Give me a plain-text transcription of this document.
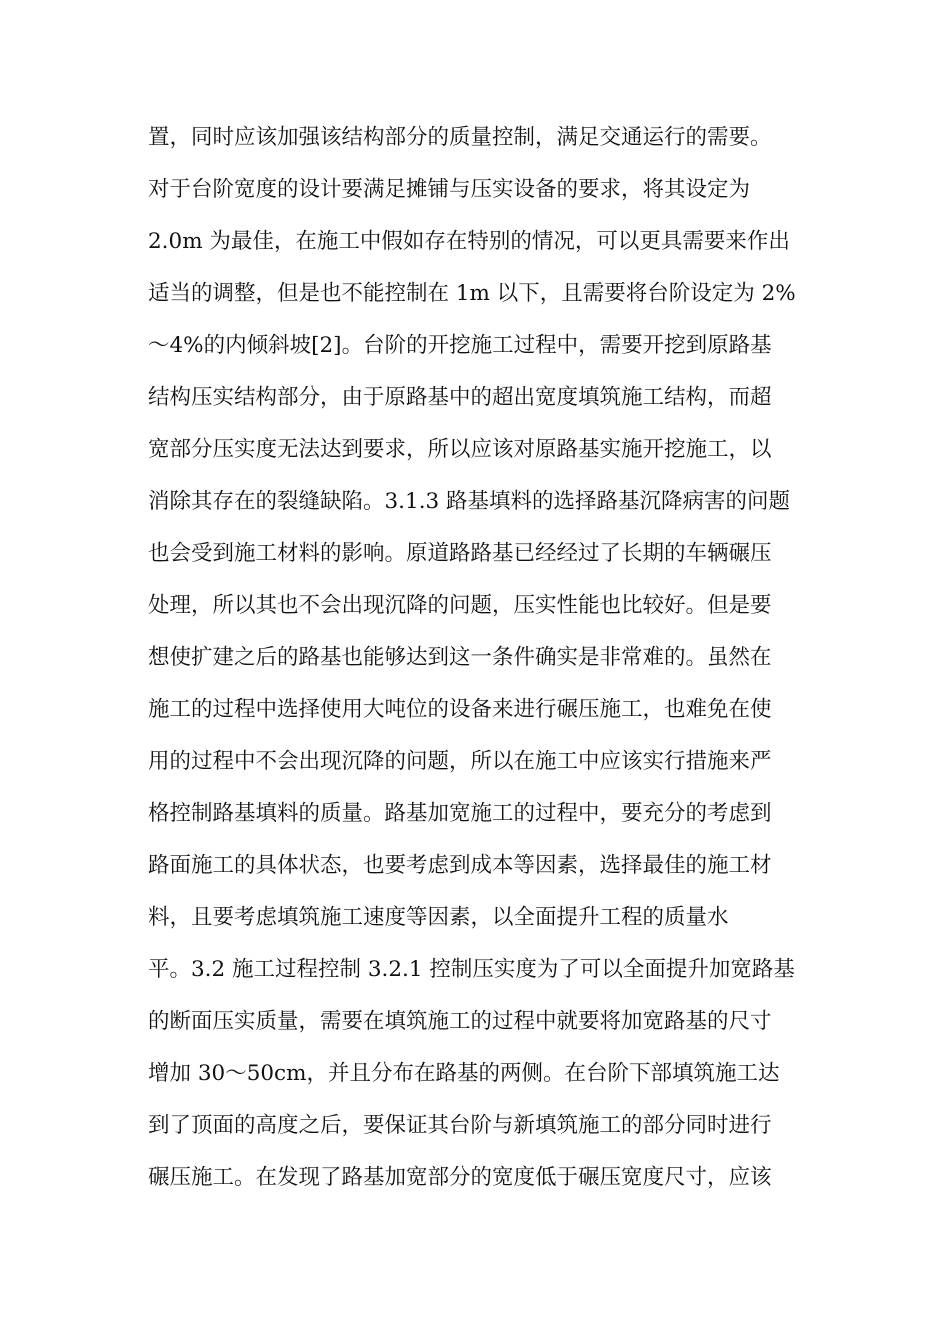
置，同时应该加强该结构部分的质量控制，满足交通运行的需要。
对于台阶宽度的设计要满足摊铺与压实设备的要求，将其设定为
2.0m 为最佳，在施工中假如存在特别的情况，可以更具需要来作出
适当的调整，但是也不能控制在 1m 以下，且需要将台阶设定为 2%
～4%的内倾斜坡[2]。台阶的开挖施工过程中，需要开挖到原路基
结构压实结构部分，由于原路基中的超出宽度填筑施工结构，而超
宽部分压实度无法达到要求，所以应该对原路基实施开挖施工，以
消除其存在的裂缝缺陷。3.1.3 路基填料的选择路基沉降病害的问题
也会受到施工材料的影响。原道路路基已经经过了长期的车辆碾压
处理，所以其也不会出现沉降的问题，压实性能也比较好。但是要
想使扩建之后的路基也能够达到这一条件确实是非常难的。虽然在
施工的过程中选择使用大吨位的设备来进行碾压施工，也难免在使
用的过程中不会出现沉降的问题，所以在施工中应该实行措施来严
格控制路基填料的质量。路基加宽施工的过程中，要充分的考虑到
路面施工的具体状态，也要考虑到成本等因素，选择最佳的施工材
料，且要考虑填筑施工速度等因素，以全面提升工程的质量水
平。3.2 施工过程控制 3.2.1 控制压实度为了可以全面提升加宽路基
的断面压实质量，需要在填筑施工的过程中就要将加宽路基的尺寸
增加 30～50cm，并且分布在路基的两侧。在台阶下部填筑施工达
到了顶面的高度之后，要保证其台阶与新填筑施工的部分同时进行
碾压施工。在发现了路基加宽部分的宽度低于碾压宽度尺寸，应该
